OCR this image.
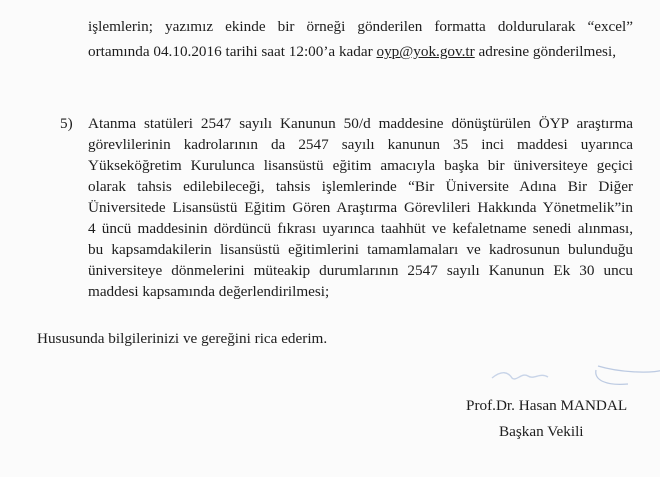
işlemlerin; yazımız ekinde bir örneği gönderilen formatta doldurularak “excel”
ortamında 04.10.2016 tarihi saat 12:00’a kadar oyp@yok.gov.tr adresine gönderilmesi,
5) Atanma statüleri 2547 sayılı Kanunun 50/d maddesine dönüştürülen ÖYP araştırma
görevlilerinin kadrolarının da 2547 sayılı kanunun 35 inci maddesi uyarınca
Yükseköğretim Kurulunca lisansüstü eğitim amacıyla başka bir üniversiteye geçici
olarak tahsis edilebileceği, tahsis işlemlerinde “Bir Üniversite Adına Bir Diğer
Üniversitede Lisansüstü Eğitim Gören Araştırma Görevlileri Hakkında Yönetmelik”in
4 üncü maddesinin dördüncü fıkrası uyarınca taahhüt ve kefaletname senedi alınması,
bu kapsamdakilerin lisansüstü eğitimlerini tamamlamaları ve kadrosunun bulunduğu
üniversiteye dönmelerini müteakip durumlarının 2547 sayılı Kanunun Ek 30 uncu
maddesi kapsamında değerlendirilmesi;
Hususunda bilgilerinizi ve gereğini rica ederim.
Prof.Dr. Hasan MANDAL
Başkan Vekili
